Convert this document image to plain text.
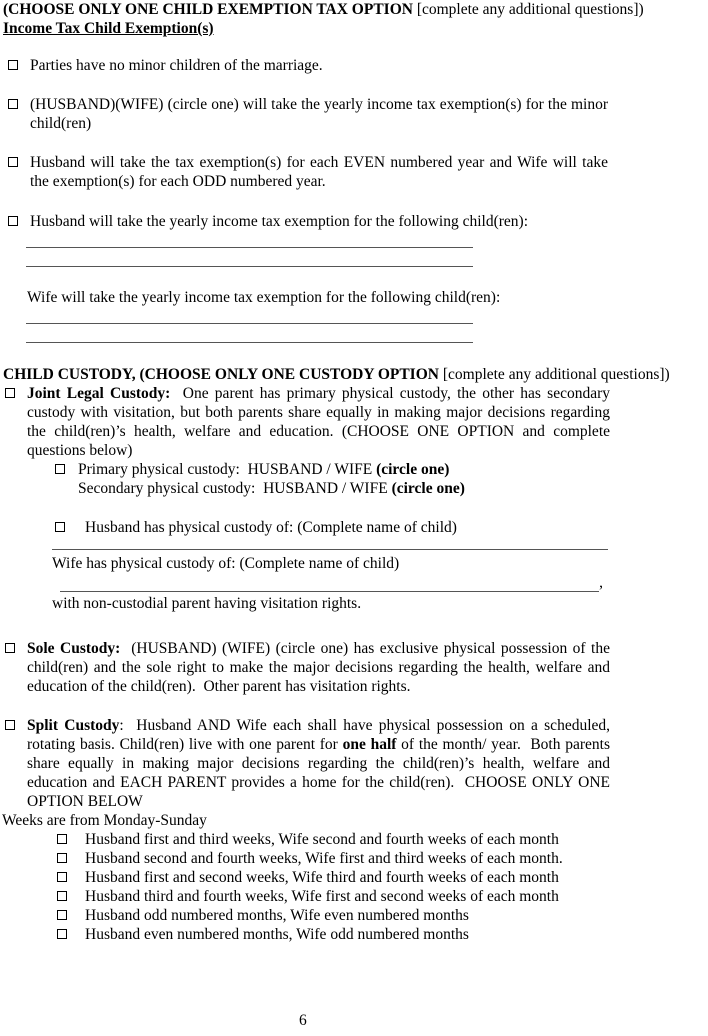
(CHOOSE ONLY ONE CHILD EXEMPTION TAX OPTION [complete any additional questions])

Income Tax Child Exemption(s)

Parties have no minor children of the marriage.
(HUSBAND)(WIFE) (circle one) will take the yearly income tax exemption(s) for the minor child(ren)
Husband will take the tax exemption(s) for each EVEN numbered year and Wife will take the exemption(s) for each ODD numbered year.
Husband will take the yearly income tax exemption for the following child(ren):

Wife will take the yearly income tax exemption for the following child(ren):

CHILD CUSTODY, (CHOOSE ONLY ONE CUSTODY OPTION [complete any additional questions])

Joint Legal Custody:  One parent has primary physical custody, the other has secondary custody with visitation, but both parents share equally in making major decisions regarding the child(ren)’s health, welfare and education. (CHOOSE ONE OPTION and complete questions below)
Primary physical custody:  HUSBAND / WIFE (circle one)
Secondary physical custody:  HUSBAND / WIFE (circle one)
Husband has physical custody of: (Complete name of child)

Wife has physical custody of: (Complete name of child)

,

with non-custodial parent having visitation rights.

Sole Custody:  (HUSBAND) (WIFE) (circle one) has exclusive physical possession of the child(ren) and the sole right to make the major decisions regarding the health, welfare and education of the child(ren).  Other parent has visitation rights.
Split Custody:  Husband AND Wife each shall have physical possession on a scheduled, rotating basis. Child(ren) live with one parent for one half of the month/ year.  Both parents share equally in making major decisions regarding the child(ren)’s health, welfare and education and EACH PARENT provides a home for the child(ren).  CHOOSE ONLY ONE OPTION BELOW

Weeks are from Monday-Sunday

Husband first and third weeks, Wife second and fourth weeks of each month
Husband second and fourth weeks, Wife first and third weeks of each month.
Husband first and second weeks, Wife third and fourth weeks of each month
Husband third and fourth weeks, Wife first and second weeks of each month
Husband odd numbered months, Wife even numbered months
Husband even numbered months, Wife odd numbered months
6
